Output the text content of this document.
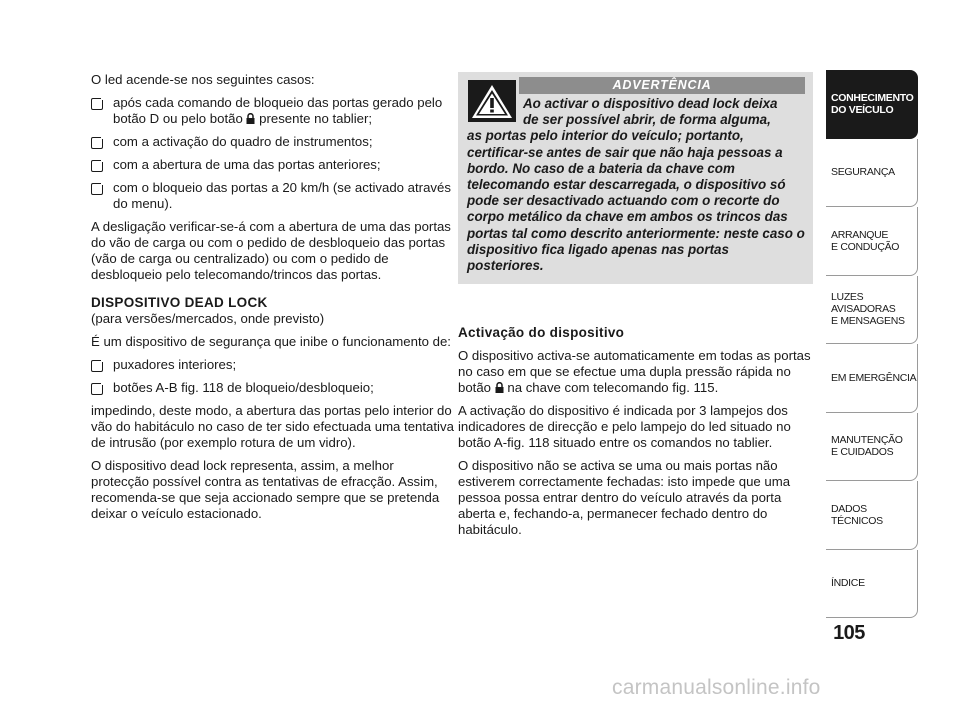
O led acende-se nos seguintes casos:

após cada comando de bloqueio das portas gerado pelo botão D ou pelo botão presente no tablier;
com a activação do quadro de instrumentos;
com a abertura de uma das portas anteriores;
com o bloqueio das portas a 20 km/h (se activado através do menu).

A desligação verificar-se-á com a abertura de uma das portas do vão de carga ou com o pedido de desbloqueio das portas (vão de carga ou centralizado) ou com o pedido de desbloqueio pelo telecomando/trincos das portas.

DISPOSITIVO DEAD LOCK

(para versões/mercados, onde previsto)

É um dispositivo de segurança que inibe o funcionamento de:

puxadores interiores;
botões A-B fig. 118 de bloqueio/desbloqueio;

impedindo, deste modo, a abertura das portas pelo interior do vão do habitáculo no caso de ter sido efectuada uma tentativa de intrusão (por exemplo rotura de um vidro).

O dispositivo dead lock representa, assim, a melhor protecção possível contra as tentativas de efracção. Assim, recomenda-se que seja accionado sempre que se pretenda deixar o veículo estacionado.

ADVERTÊNCIA
Ao activar o dispositivo dead lock deixa
de ser possível abrir, de forma alguma,
as portas pelo interior do veículo; portanto, certificar-se antes de sair que não haja pessoas a bordo. No caso de a bateria da chave com telecomando estar descarregada, o dispositivo só pode ser desactivado actuando com o recorte do corpo metálico da chave em ambos os trincos das portas tal como descrito anteriormente: neste caso o dispositivo fica ligado apenas nas portas posteriores.
Activação do dispositivo

O dispositivo activa-se automaticamente em todas as portas no caso em que se efectue uma dupla pressão rápida no botão na chave com telecomando fig. 115.

A activação do dispositivo é indicada por 3 lampejos dos indicadores de direcção e pelo lampejo do led situado no botão A-fig. 118 situado entre os comandos no tablier.

O dispositivo não se activa se uma ou mais portas não estiverem correctamente fechadas: isto impede que uma pessoa possa entrar dentro do veículo através da porta aberta e, fechando-a, permanecer fechado dentro do habitáculo.

CONHECIMENTO
DO VEÍCULO
SEGURANÇA
ARRANQUE
E CONDUÇÃO
LUZES
AVISADORAS
E MENSAGENS
EM EMERGÊNCIA
MANUTENÇÃO
E CUIDADOS
DADOS
TÉCNICOS
ÍNDICE
105
carmanualsonline.info
